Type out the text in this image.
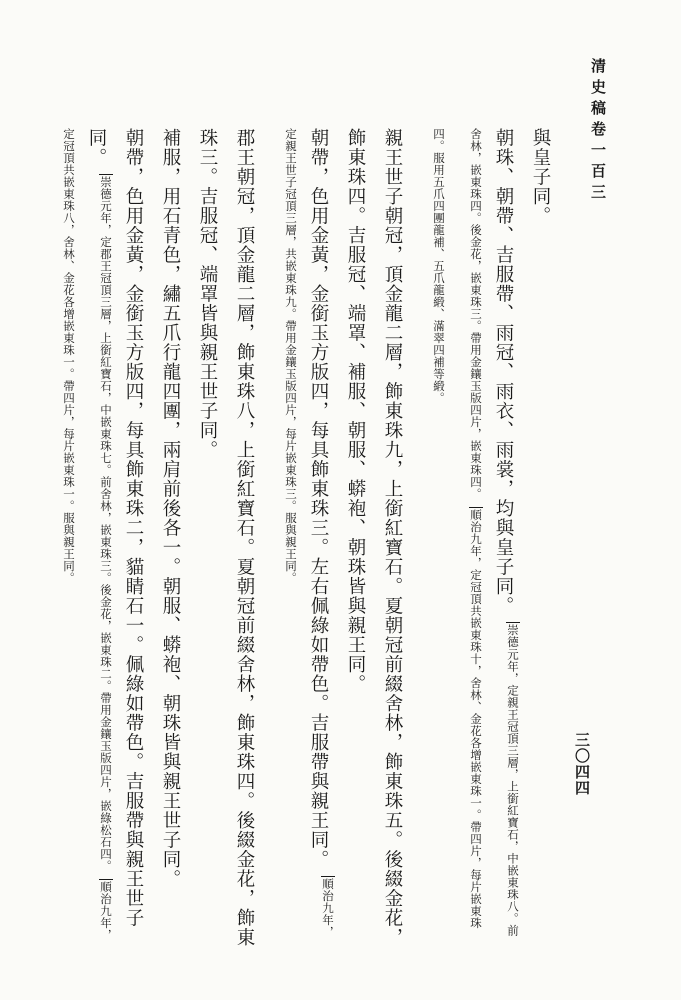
清史稿卷一百三
三〇四四

與皇子同。

朝珠、朝帶、吉服帶、雨冠、雨衣、雨裳，均與皇子同。 $^{崇德元年,定親王冠頂三層,上銜紅寶石,中嵌東珠八。前舍林,嵌東珠四。後金花,嵌東珠三。帶用金鑲玉版四片,嵌東珠四。}$ $^{順治九年,定冠頂共嵌東珠十,舍林、金花各增嵌東珠一。帶四片,每片嵌東珠四。服用五爪四團龍補、五爪龍緞、滿翠四補等緞。}$

親王世子朝冠，頂金龍二層，飾東珠九，上銜紅寶石。夏朝冠前綴舍林，飾東珠五。後綴金花，飾東珠四。吉服冠、端罩、補服、朝服、蟒袍、朝珠皆與親王同。

朝帶，色用金黃，金銜玉方版四，每具飾東珠三。左右佩綠如帶色。吉服帶與親王同。 $^{順治九年,定親王世子冠頂三層,共嵌東珠九。帶用金鑲玉版四片,每片嵌東珠三。服與親王同。}$

郡王朝冠，頂金龍二層，飾東珠八，上銜紅寶石。夏朝冠前綴舍林，飾東珠四。後綴金花，飾東珠三。吉服冠、端罩皆與親王世子同。

補服，用石青色，繡五爪行龍四團，兩肩前後各一。朝服、蟒袍、朝珠皆與親王世子同。

朝帶，色用金黃，金銜玉方版四，每具飾東珠二，貓睛石一。佩綠如帶色。吉服帶與親王世子同。 $^{崇德元年,定郡王冠頂三層,上銜紅寶石,中嵌東珠七。前舍林,嵌東珠三。後金花,嵌東珠二。帶用金鑲玉版四片,嵌綠松石四。}$ $^{順治九年,定冠頂共嵌東珠八,舍林、金花各增嵌東珠一。帶四片,每片嵌東珠一。服與親王同。}$
